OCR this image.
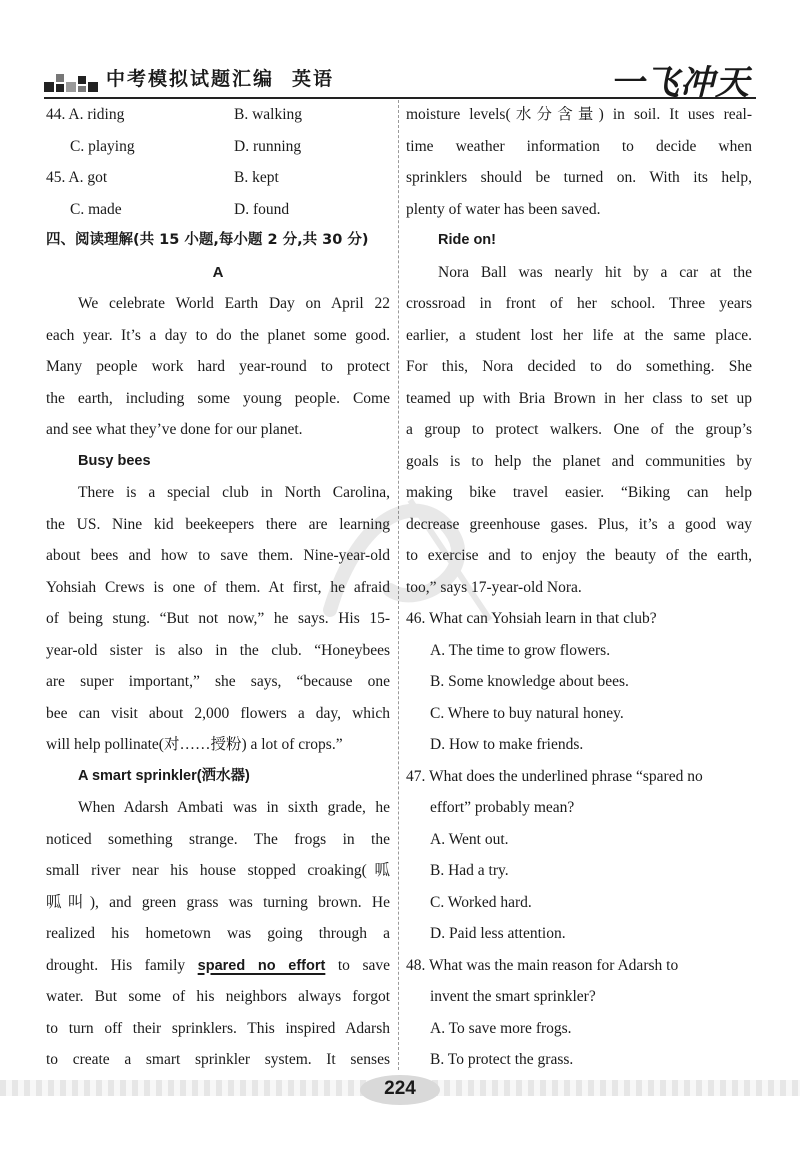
中考模拟试题汇编 英语	一飞冲天
44. A. riding	B. walking
C. playing	D. running
45. A. got	B. kept
C. made	D. found
四、阅读理解(共 15 小题,每小题 2 分,共 30 分)
A
We celebrate World Earth Day on April 22
each year. It’s a day to do the planet some good.
Many people work hard year-round to protect
the earth, including some young people. Come
and see what they’ve done for our planet.
Busy bees
There is a special club in North Carolina,
the US. Nine kid beekeepers there are learning
about bees and how to save them. Nine-year-old
Yohsiah Crews is one of them. At first, he afraid
of being stung. “But not now,” he says. His 15-
year-old sister is also in the club. “Honeybees
are super important,” she says, “because one
bee can visit about 2,000 flowers a day, which
will help pollinate(对……授粉) a lot of crops.”
A smart sprinkler(洒水器)
When Adarsh Ambati was in sixth grade, he
noticed something strange. The frogs in the
small river near his house stopped croaking(呱
呱叫), and green grass was turning brown. He
realized his hometown was going through a
drought. His family spared no effort to save
water. But some of his neighbors always forgot
to turn off their sprinklers. This inspired Adarsh
to create a smart sprinkler system. It senses
moisture levels(水分含量) in soil. It uses real-
time weather information to decide when
sprinklers should be turned on. With its help,
plenty of water has been saved.
Ride on!
Nora Ball was nearly hit by a car at the
crossroad in front of her school. Three years
earlier, a student lost her life at the same place.
For this, Nora decided to do something. She
teamed up with Bria Brown in her class to set up
a group to protect walkers. One of the group’s
goals is to help the planet and communities by
making bike travel easier. “Biking can help
decrease greenhouse gases. Plus, it’s a good way
to exercise and to enjoy the beauty of the earth,
too,” says 17-year-old Nora.
46. What can Yohsiah learn in that club?
A. The time to grow flowers.
B. Some knowledge about bees.
C. Where to buy natural honey.
D. How to make friends.
47. What does the underlined phrase “spared no
effort” probably mean?
A. Went out.
B. Had a try.
C. Worked hard.
D. Paid less attention.
48. What was the main reason for Adarsh to
invent the smart sprinkler?
A. To save more frogs.
B. To protect the grass.
224
